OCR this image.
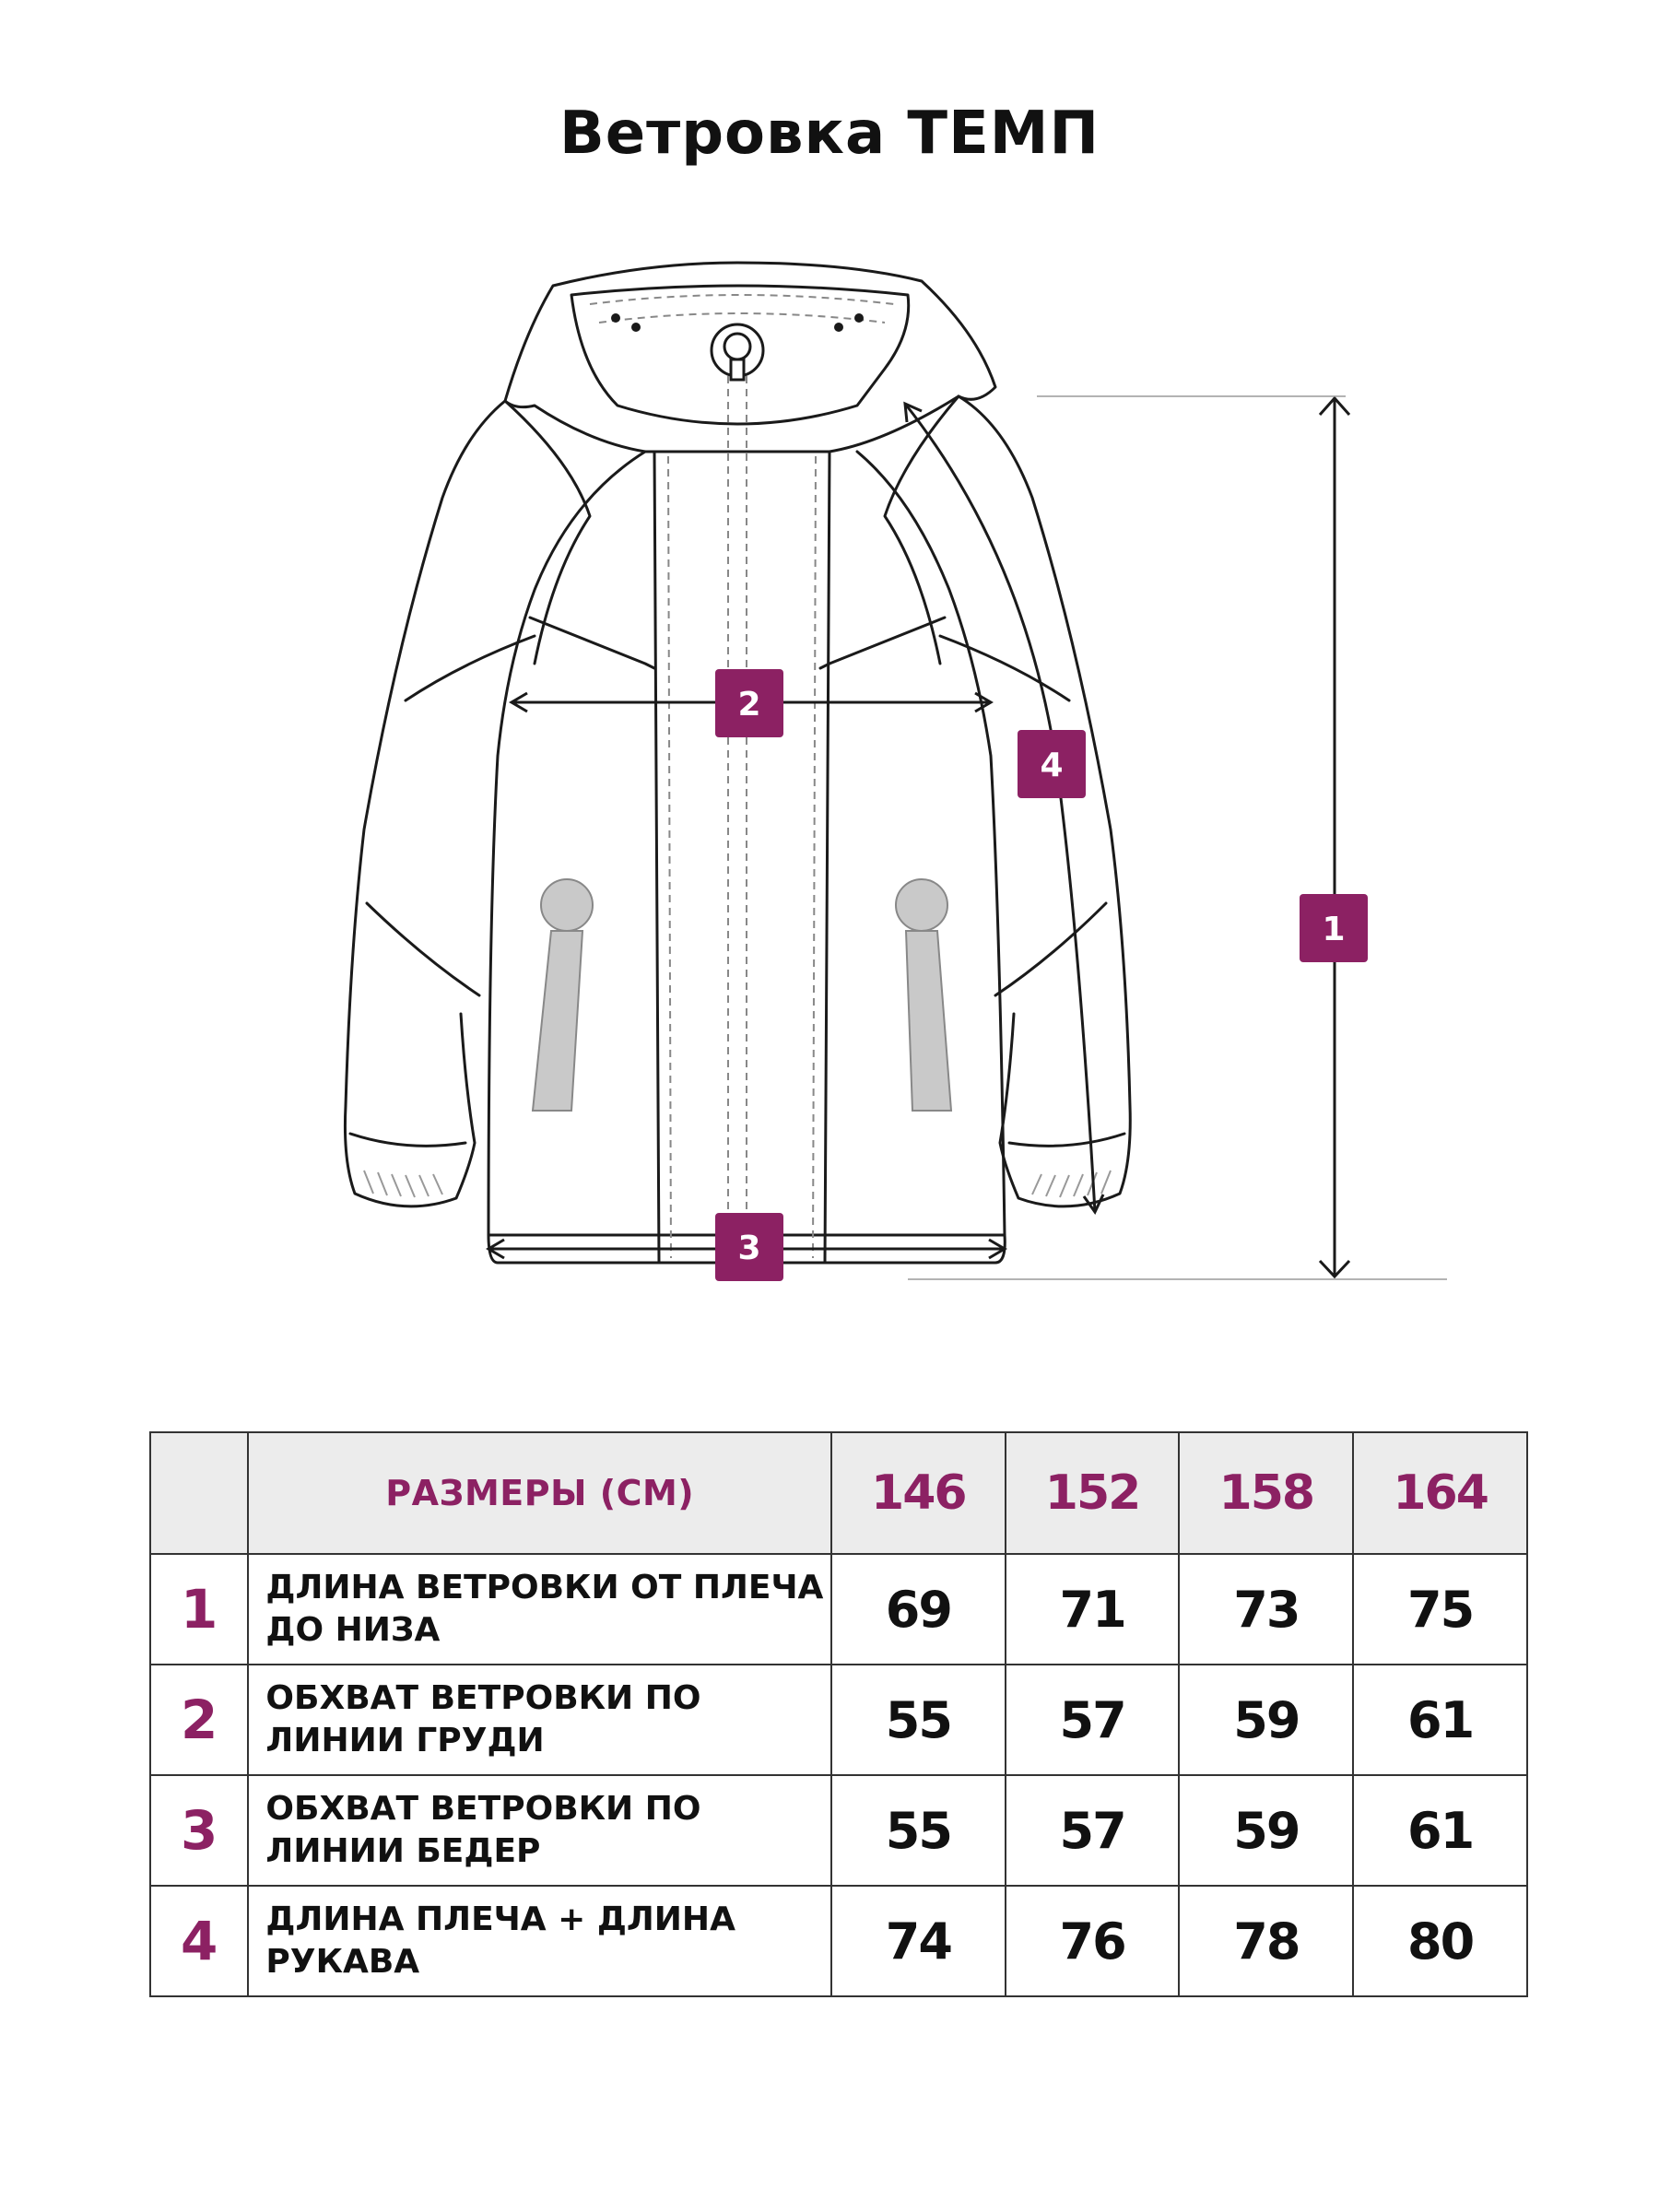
Ветровка ТЕМП
1
2
3
4
	РАЗМЕРЫ (СМ)	146	152	158	164
1	ДЛИНА ВЕТРОВКИ ОТ ПЛЕЧА ДО НИЗА	69	71	73	75
2	ОБХВАТ ВЕТРОВКИ ПО ЛИНИИ ГРУДИ	55	57	59	61
3	ОБХВАТ ВЕТРОВКИ ПО ЛИНИИ БЕДЕР	55	57	59	61
4	ДЛИНА ПЛЕЧА + ДЛИНА РУКАВА	74	76	78	80
